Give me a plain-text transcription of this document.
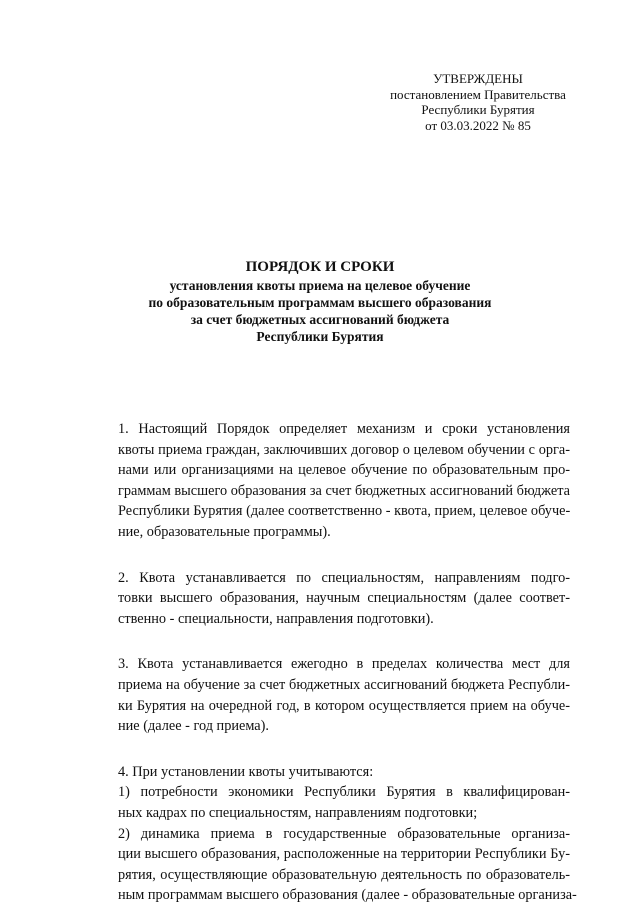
УТВЕРЖДЕНЫ
постановлением Правительства
Республики Бурятия
от 03.03.2022 № 85
ПОРЯДОК И СРОКИ
установления квоты приема на целевое обучение
по образовательным программам высшего образования
за счет бюджетных ассигнований бюджета
Республики Бурятия
1. Настоящий Порядок определяет механизм и сроки установления
квоты приема граждан, заключивших договор о целевом обучении с орга-
нами или организациями на целевое обучение по образовательным про-
граммам высшего образования за счет бюджетных ассигнований бюджета
Республики Бурятия (далее соответственно - квота, прием, целевое обуче-
ние, образовательные программы).
2. Квота устанавливается по специальностям, направлениям подго-
товки высшего образования, научным специальностям (далее соответ-
ственно - специальности, направления подготовки).
3. Квота устанавливается ежегодно в пределах количества мест для
приема на обучение за счет бюджетных ассигнований бюджета Республи-
ки Бурятия на очередной год, в котором осуществляется прием на обуче-
ние (далее - год приема).
4. При установлении квоты учитываются:
1) потребности экономики Республики Бурятия в квалифицирован-
ных кадрах по специальностям, направлениям подготовки;
2) динамика приема в государственные образовательные организа-
ции высшего образования, расположенные на территории Республики Бу-
рятия, осуществляющие образовательную деятельность по образователь-
ным программам высшего образования (далее - образовательные организа-
